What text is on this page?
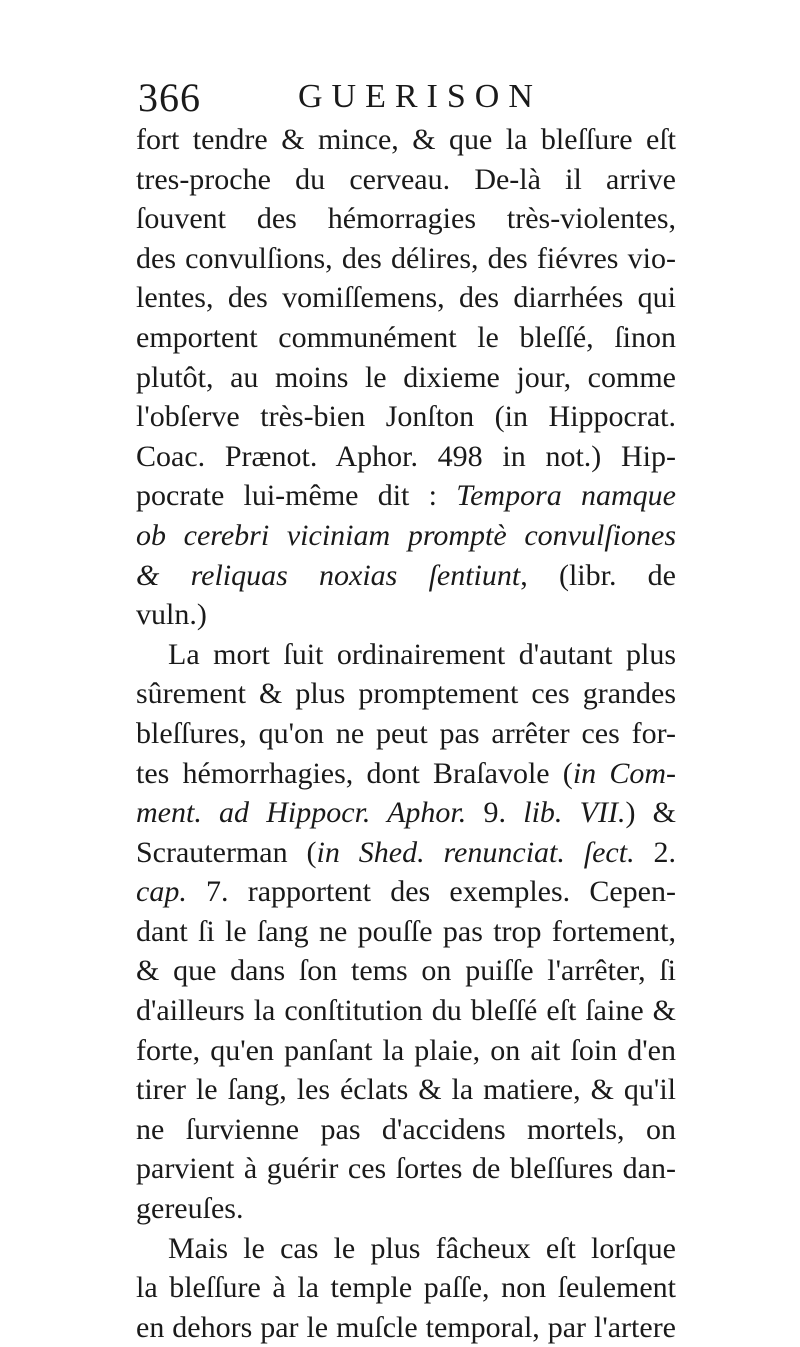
366	GUERISON
fort tendre & mince, & que la bleſſure eſt
tres-proche du cerveau. De-là il arrive
ſouvent des hémorragies très-violentes,
des convulſions, des délires, des fiévres vio-
lentes, des vomiſſemens, des diarrhées qui
emportent communément le bleſſé, ſinon
plutôt, au moins le dixieme jour, comme
l'obſerve très-bien Jonſton (in Hippocrat.
Coac. Prænot. Aphor. 498 in not.) Hip-
pocrate lui-même dit : Tempora namque
ob cerebri viciniam promptè convulſiones
& reliquas noxias ſentiunt, (libr. de
vuln.)
La mort ſuit ordinairement d'autant plus
sûrement & plus promptement ces grandes
bleſſures, qu'on ne peut pas arrêter ces for-
tes hémorrhagies, dont Braſavole (in Com-
ment. ad Hippocr. Aphor. 9. lib. VII.) &
Scrauterman (in Shed. renunciat. ſect. 2.
cap. 7. rapportent des exemples. Cepen-
dant ſi le ſang ne pouſſe pas trop fortement,
& que dans ſon tems on puiſſe l'arrêter, ſi
d'ailleurs la conſtitution du bleſſé eſt ſaine &
forte, qu'en panſant la plaie, on ait ſoin d'en
tirer le ſang, les éclats & la matiere, & qu'il
ne ſurvienne pas d'accidens mortels, on
parvient à guérir ces ſortes de bleſſures dan-
gereuſes.
Mais le cas le plus fâcheux eſt lorſque
la bleſſure à la temple paſſe, non ſeulement
en dehors par le muſcle temporal, par l'artere
